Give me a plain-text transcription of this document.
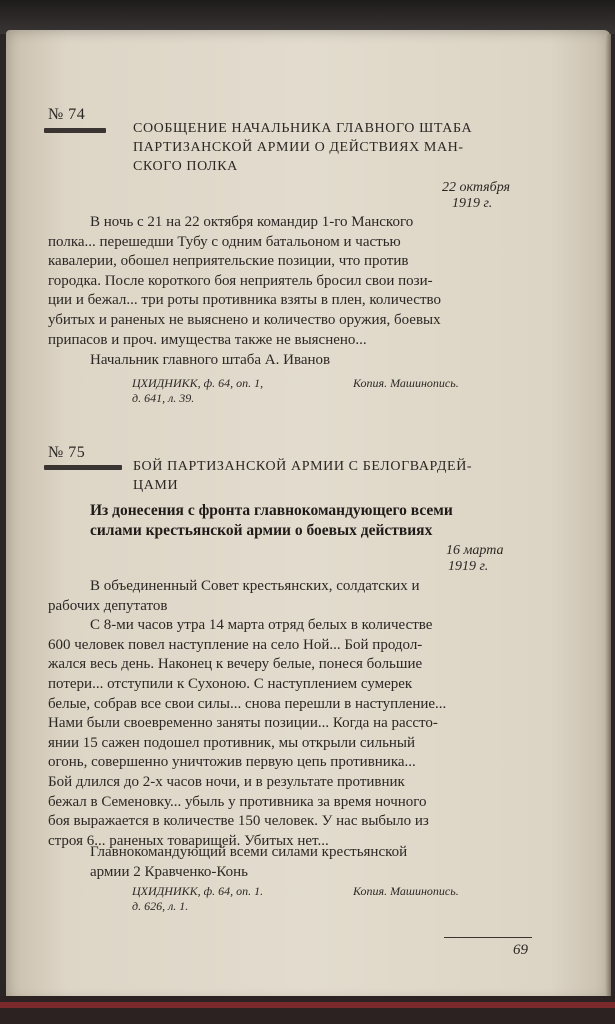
№ 74
СООБЩЕНИЕ НАЧАЛЬНИКА ГЛАВНОГО ШТАБА
ПАРТИЗАНСКОЙ АРМИИ О ДЕЙСТВИЯХ МАН-
СКОГО ПОЛКА
22 октября
1919 г.
В ночь с 21 на 22 октября командир 1-го Манского
полка... перешедши Тубу с одним батальоном и частью
кавалерии, обошел неприятельские позиции, что против
городка. После короткого боя неприятель бросил свои пози-
ции и бежал... три роты противника взяты в плен, количество
убитых и раненых не выяснено и количество оружия, боевых
припасов и проч. имущества также не выяснено...
Начальник главного штаба А. Иванов
ЦХИДНИКК, ф. 64, оп. 1,
д. 641, л. 39.
Копия. Машинопись.
№ 75
БОЙ ПАРТИЗАНСКОЙ АРМИИ С БЕЛОГВАРДЕЙ-
ЦАМИ
Из донесения с фронта главнокомандующего всеми
силами крестьянской армии о боевых действиях
16 марта
1919 г.
В объединенный Совет крестьянских, солдатских и
рабочих депутатов
С 8-ми часов утра 14 марта отряд белых в количестве
600 человек повел наступление на село Ной... Бой продол-
жался весь день. Наконец к вечеру белые, понеся большие
потери... отступили к Сухоною. С наступлением сумерек
белые, собрав все свои силы... снова перешли в наступление...
Нами были своевременно заняты позиции... Когда на рассто-
янии 15 сажен подошел противник, мы открыли сильный
огонь, совершенно уничтожив первую цепь противника...
Бой длился до 2-х часов ночи, и в результате противник
бежал в Семеновку... убыль у противника за время ночного
боя выражается в количестве 150 человек. У нас выбыло из
строя 6... раненых товарищей. Убитых нет...
Главнокомандующий всеми силами крестьянской
армии 2 Кравченко-Конь
ЦХИДНИКК, ф. 64, оп. 1.
д. 626, л. 1.
Копия. Машинопись.
69
